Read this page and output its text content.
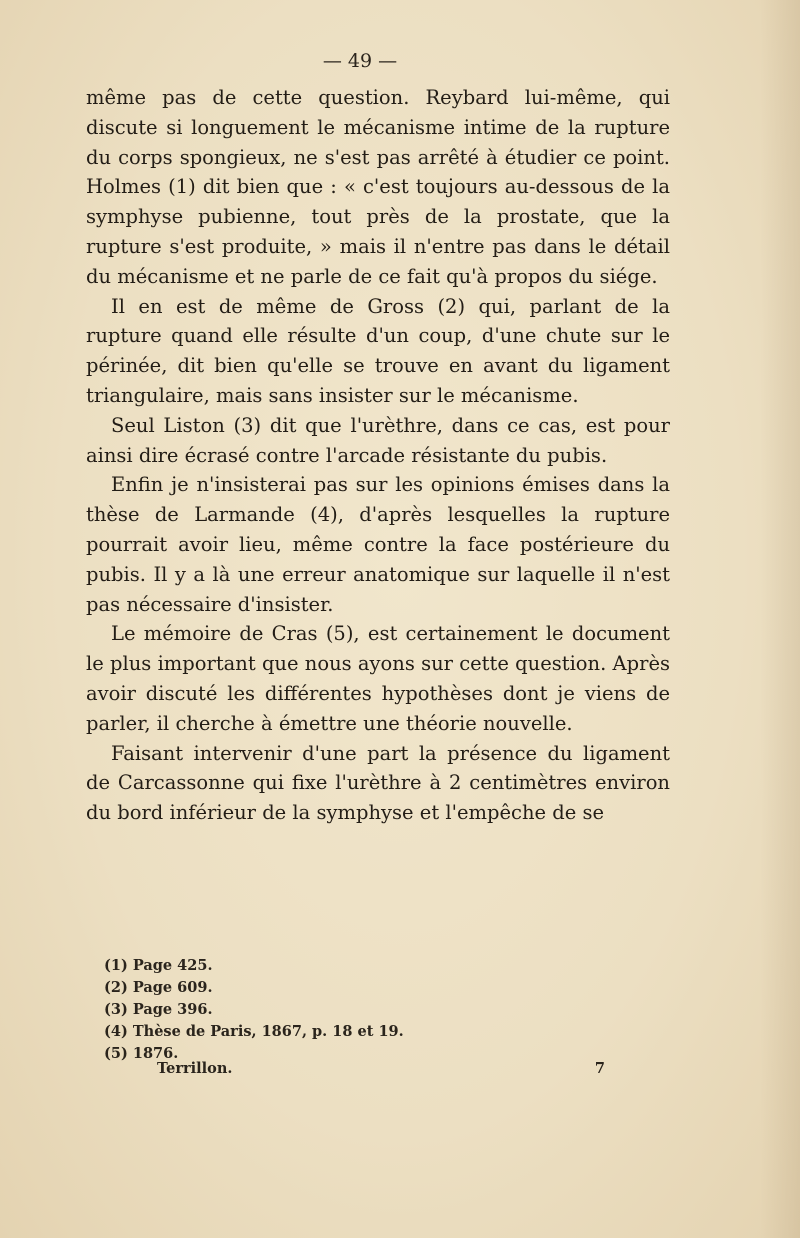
— 49 —

même pas de cette question. Reybard lui-même, qui discute si longuement le mécanisme intime de la rupture du corps spongieux, ne s'est pas arrêté à étudier ce point. Holmes (1) dit bien que : « c'est toujours au-dessous de la symphyse pubienne, tout près de la prostate, que la rupture s'est produite, » mais il n'entre pas dans le détail du mécanisme et ne parle de ce fait qu'à propos du siége.

Il en est de même de Gross (2) qui, parlant de la rupture quand elle résulte d'un coup, d'une chute sur le périnée, dit bien qu'elle se trouve en avant du ligament triangulaire, mais sans insister sur le mécanisme.

Seul Liston (3) dit que l'urèthre, dans ce cas, est pour ainsi dire écrasé contre l'arcade résistante du pubis.

Enfin je n'insisterai pas sur les opinions émises dans la thèse de Larmande (4), d'après lesquelles la rupture pourrait avoir lieu, même contre la face postérieure du pubis. Il y a là une erreur anatomique sur laquelle il n'est pas nécessaire d'insister.

Le mémoire de Cras (5), est certainement le document le plus important que nous ayons sur cette question. Après avoir discuté les différentes hypothèses dont je viens de parler, il cherche à émettre une théorie nouvelle.

Faisant intervenir d'une part la présence du ligament de Carcassonne qui fixe l'urèthre à 2 centimètres environ du bord inférieur de la symphyse et l'empêche de se

(1) Page 425.

(2) Page 609.

(3) Page 396.

(4) Thèse de Paris, 1867, p. 18 et 19.

(5) 1876.

Terrillon.	7
